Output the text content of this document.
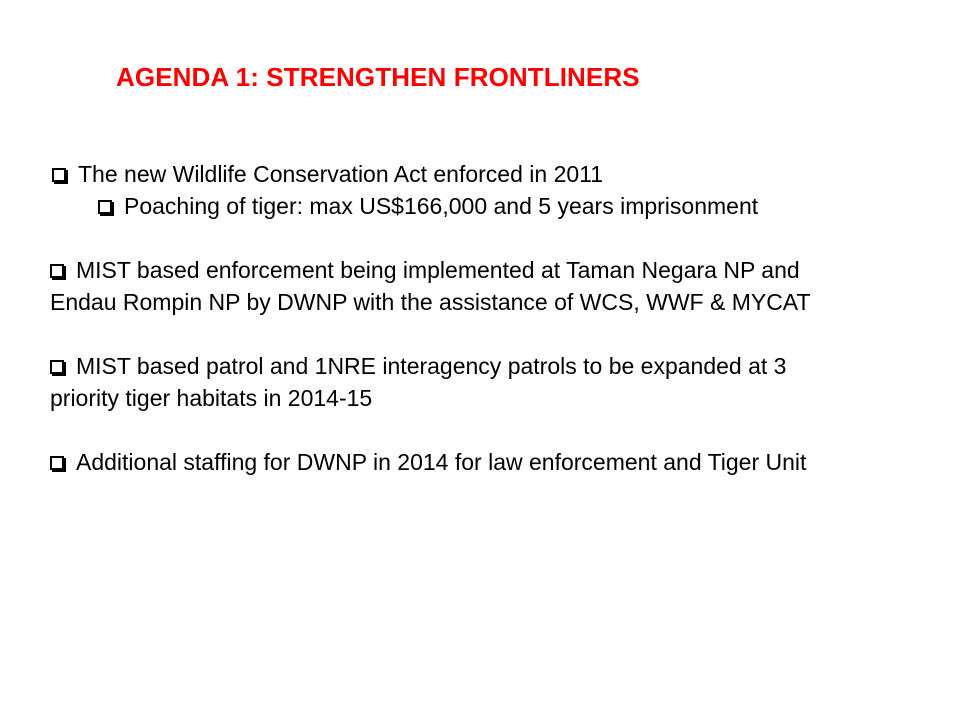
AGENDA 1: STRENGTHEN FRONTLINERS

The new Wildlife Conservation Act enforced in 2011

Poaching of tiger: max US$166,000 and 5 years imprisonment

MIST based enforcement being implemented at Taman Negara NP and Endau Rompin NP by DWNP with the assistance of WCS, WWF & MYCAT

MIST based patrol and 1NRE interagency patrols to be expanded at 3 priority tiger habitats in 2014-15

Additional staffing for DWNP in 2014 for law enforcement and Tiger Unit
